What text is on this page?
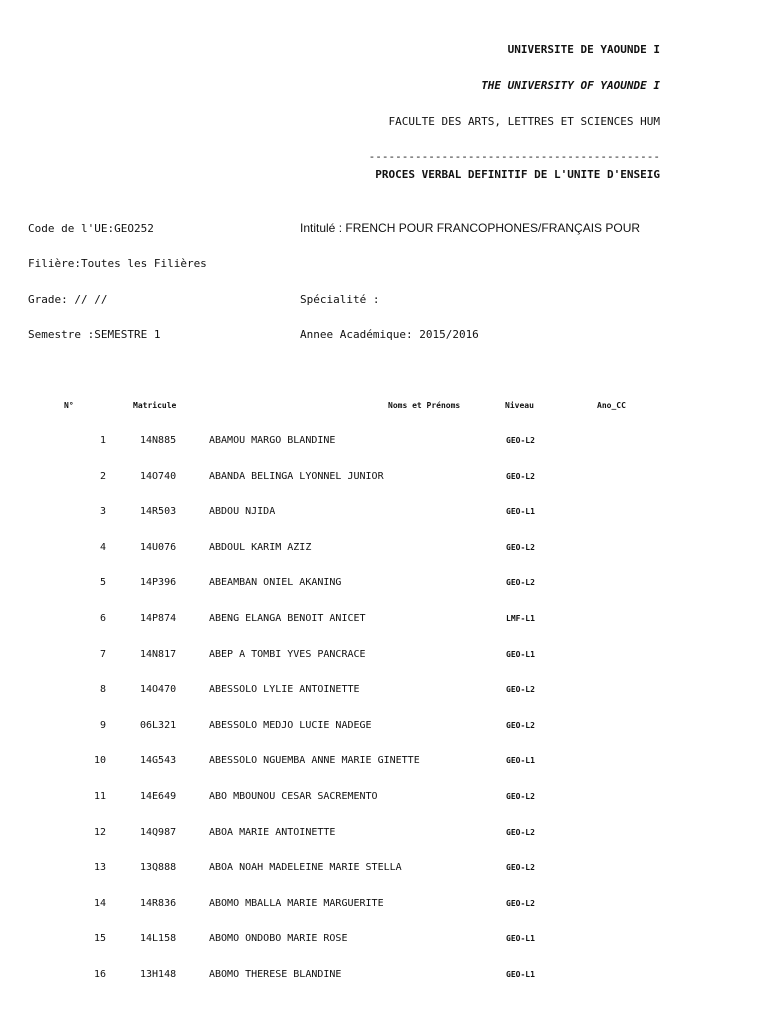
UNIVERSITE DE YAOUNDE I
THE UNIVERSITY OF YAOUNDE I
FACULTE DES ARTS, LETTRES ET SCIENCES HUM
--------------------------------------------
PROCES VERBAL DEFINITIF DE L'UNITE D'ENSEIG
Code de l'UE:GEO252	Intitulé : FRENCH POUR FRANCOPHONES/FRANÇAIS POUR
Filière:Toutes les Filières
Grade: // //	Spécialité :
Semestre :SEMESTRE 1	Annee Académique: 2015/2016
N°	Matricule	Noms et Prénoms	Niveau	Ano_CC
1	14N885	ABAMOU MARGO BLANDINE	GEO-L2
2	14O740	ABANDA BELINGA LYONNEL JUNIOR	GEO-L2
3	14R503	ABDOU NJIDA	GEO-L1
4	14U076	ABDOUL KARIM AZIZ	GEO-L2
5	14P396	ABEAMBAN ONIEL AKANING	GEO-L2
6	14P874	ABENG ELANGA BENOIT ANICET	LMF-L1
7	14N817	ABEP A TOMBI YVES PANCRACE	GEO-L1
8	14O470	ABESSOLO LYLIE ANTOINETTE	GEO-L2
9	06L321	ABESSOLO MEDJO LUCIE NADEGE	GEO-L2
10	14G543	ABESSOLO NGUEMBA ANNE MARIE GINETTE	GEO-L1
11	14E649	ABO MBOUNOU CESAR SACREMENTO	GEO-L2
12	14Q987	ABOA MARIE ANTOINETTE	GEO-L2
13	13Q888	ABOA NOAH MADELEINE MARIE STELLA	GEO-L2
14	14R836	ABOMO MBALLA MARIE MARGUERITE	GEO-L2
15	14L158	ABOMO ONDOBO MARIE ROSE	GEO-L1
16	13H148	ABOMO THERESE BLANDINE	GEO-L1
